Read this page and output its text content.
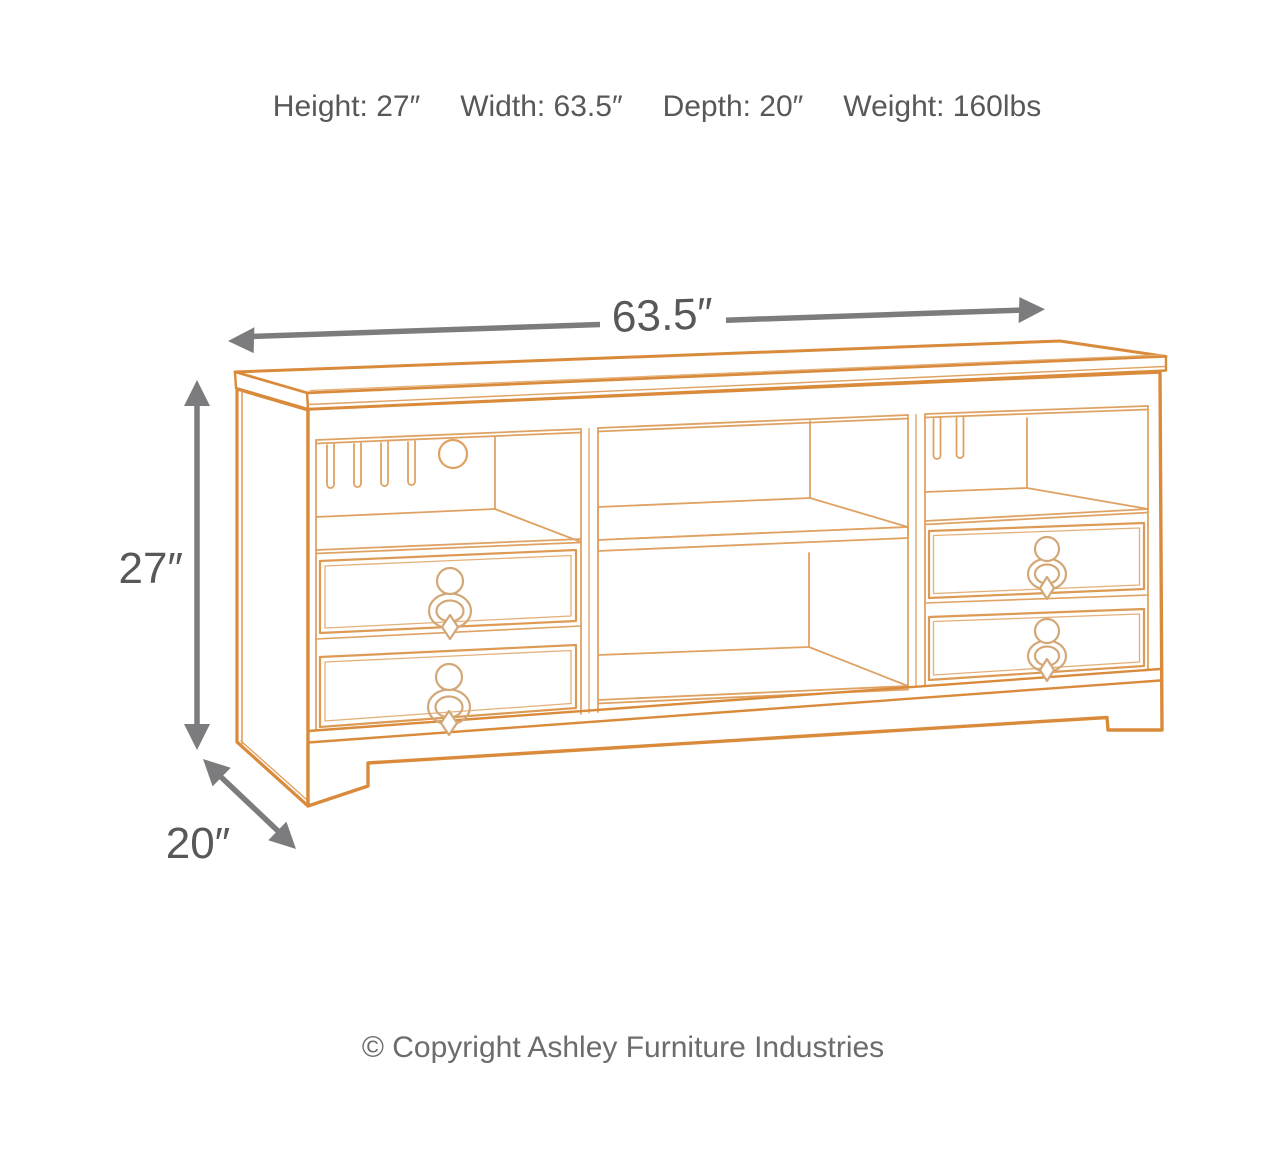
Height: 27″ Width: 63.5″ Depth: 20″ Weight: 160lbs
63.5″
27″
20″
© Copyright Ashley Furniture Industries
